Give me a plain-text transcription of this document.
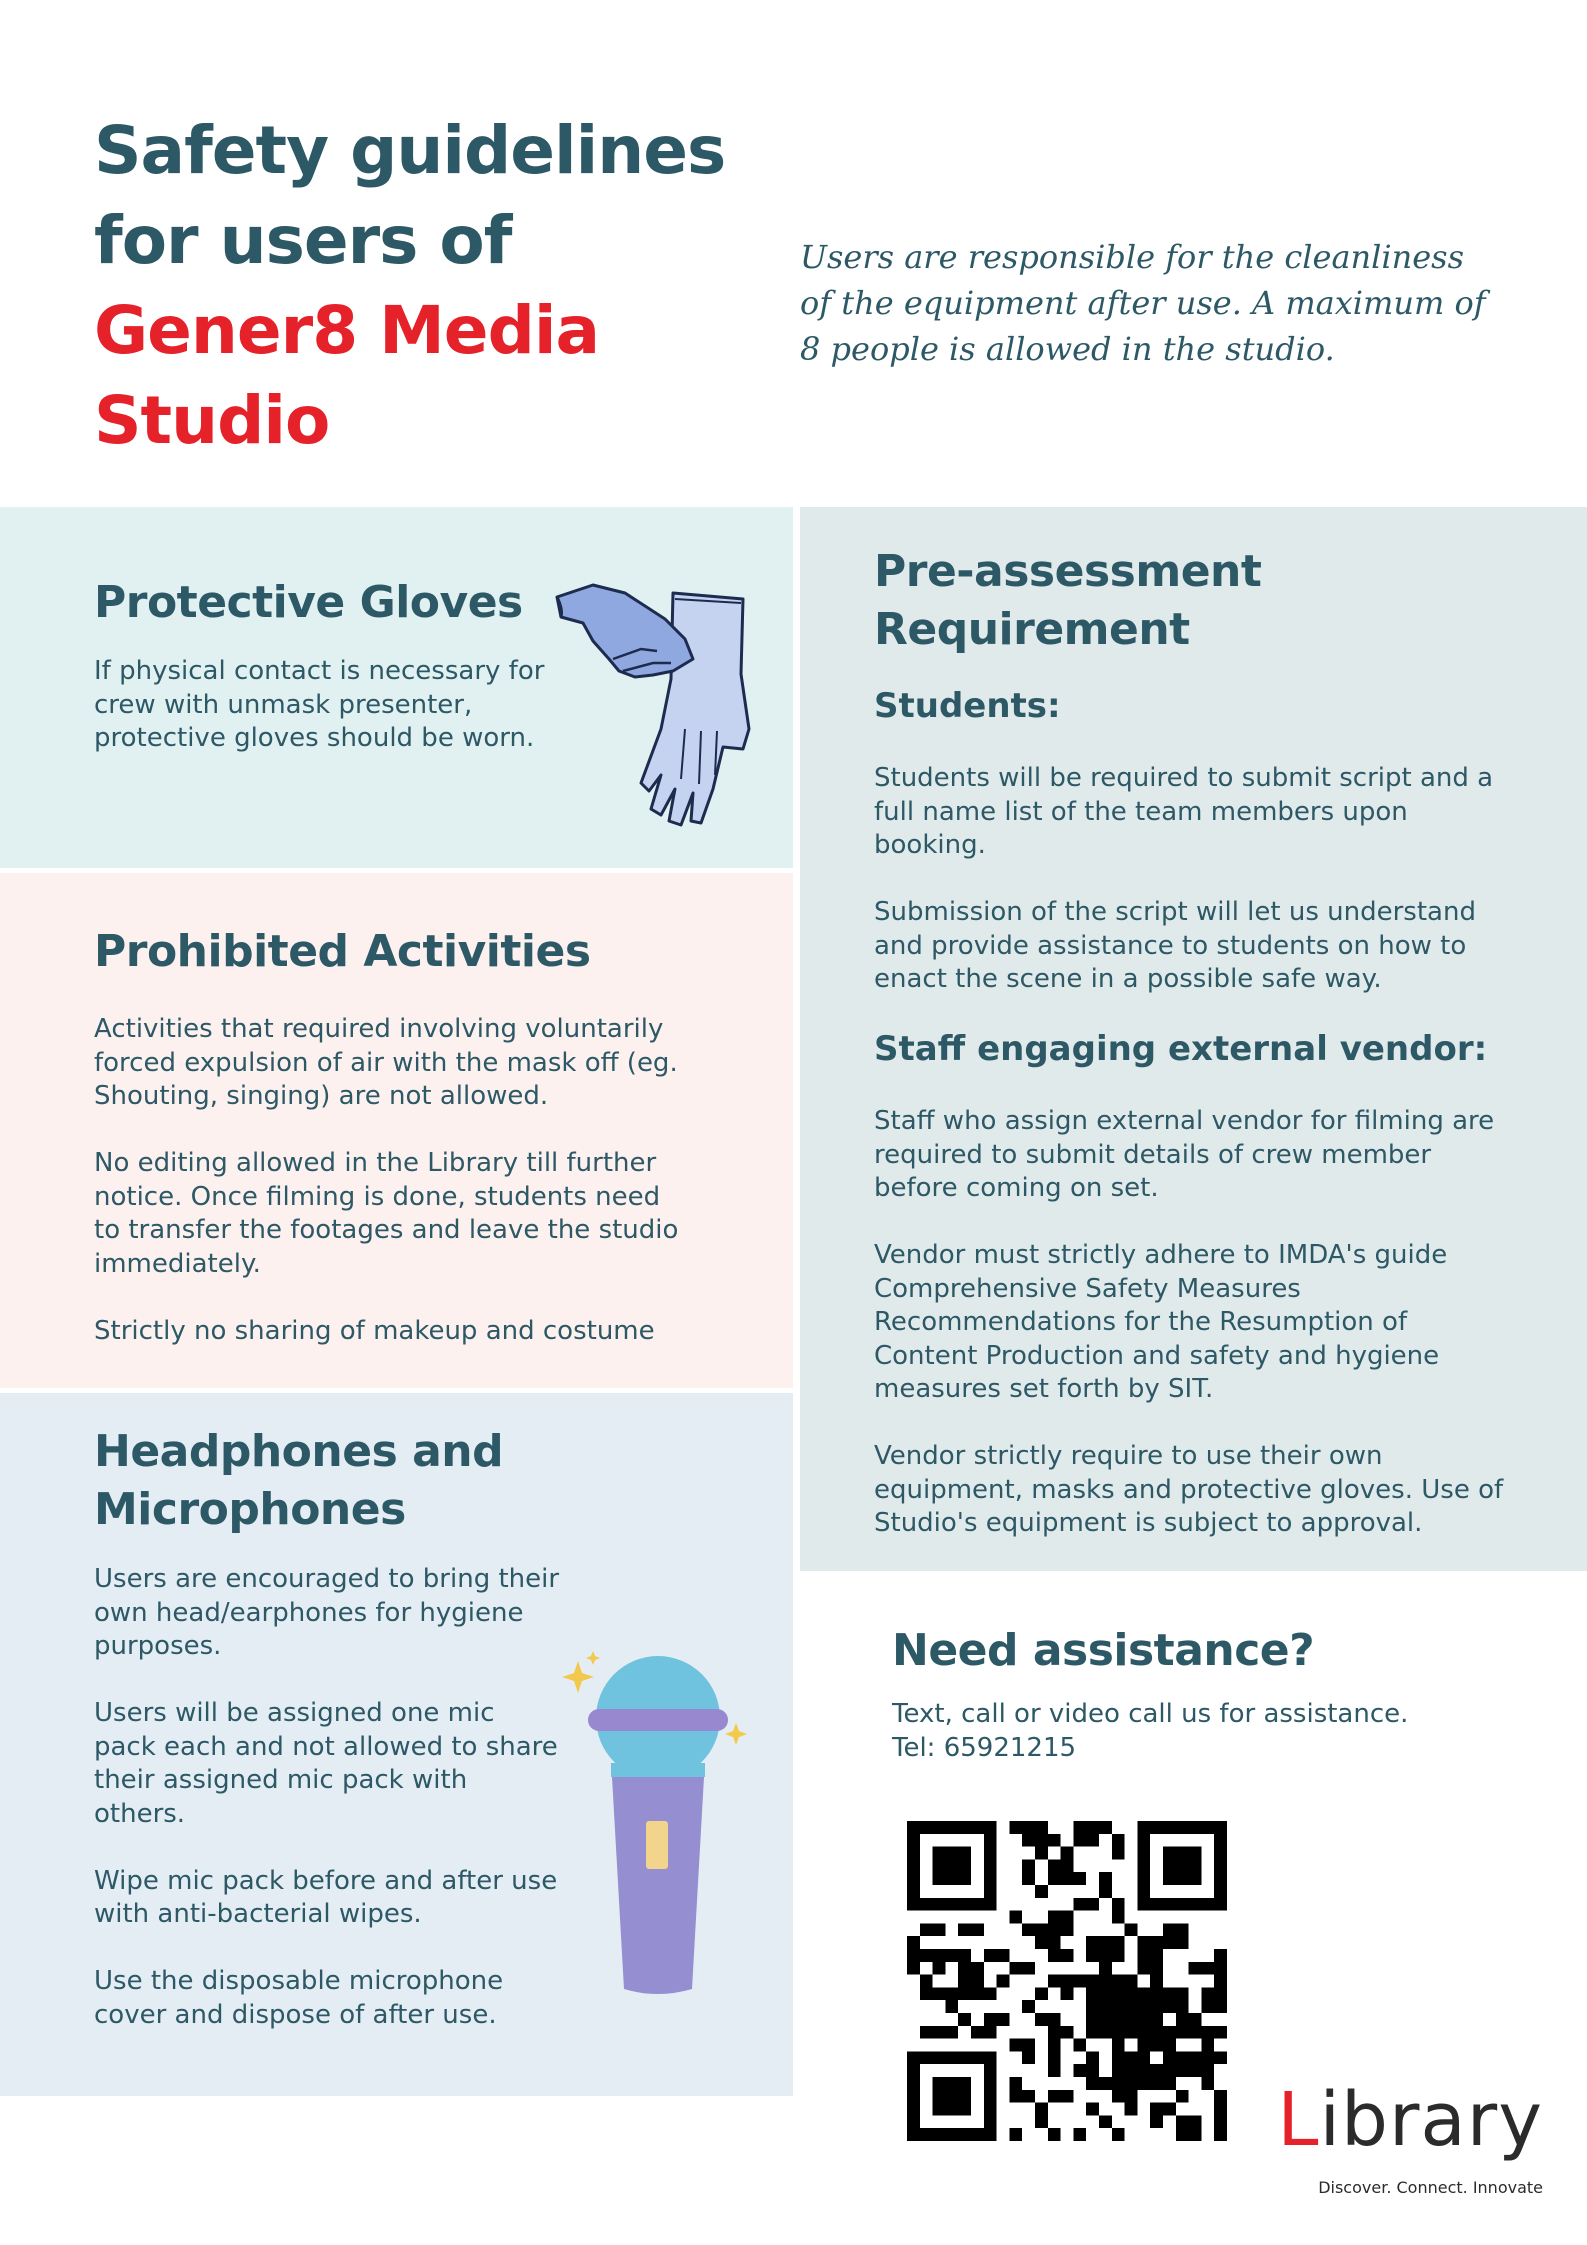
Safety guidelines
for users of
Gener8 Media
Studio

Users are responsible for the cleanliness of the equipment after use. A maximum of 8 people is allowed in the studio.

Protective Gloves

If physical contact is necessary for crew with unmask presenter, protective gloves should be worn.

Prohibited Activities

Activities that required involving voluntarily forced expulsion of air with the mask off (eg. Shouting, singing) are not allowed.

No editing allowed in the Library till further notice. Once filming is done, students need to transfer the footages and leave the studio immediately.

Strictly no sharing of makeup and costume

Headphones and
Microphones

Users are encouraged to bring their own head/earphones for hygiene purposes.

Users will be assigned one mic pack each and not allowed to share their assigned mic pack with others.

Wipe mic pack before and after use with anti-bacterial wipes.

Use the disposable microphone cover and dispose of after use.

Pre-assessment
Requirement
Students:

Students will be required to submit script and a full name list of the team members upon booking.

Submission of the script will let us understand and provide assistance to students on how to enact the scene in a possible safe way.

Staff engaging external vendor:

Staff who assign external vendor for filming are required to submit details of crew member before coming on set.

Vendor must strictly adhere to IMDA's guide Comprehensive Safety Measures Recommendations for the Resumption of Content Production and safety and hygiene measures set forth by SIT.

Vendor strictly require to use their own equipment, masks and protective gloves. Use of Studio's equipment is subject to approval.

Need assistance?

Text, call or video call us for assistance.
Tel: 65921215

Library
Discover. Connect. Innovate
